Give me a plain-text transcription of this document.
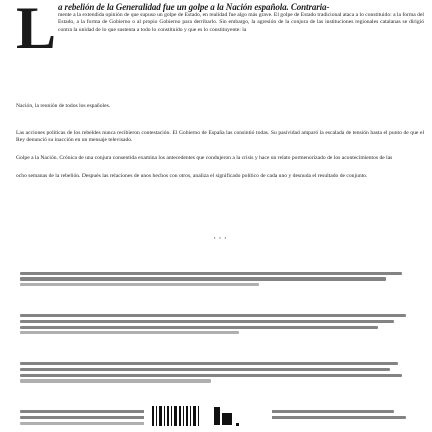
L a rebelión de la Generalidad fue un golpe a la Nación española. Contraria-
mente a la extendida opinión de que supuso un golpe de Estado, en realidad fue algo más grave. El golpe de Estado tradicional ataca a lo constituido: a la forma del Estado, a la forma de Gobierno o al propio Gobierno para derribarlo. Sin embargo, la agresión de la conjura de las instituciones regionales catalanas se dirigió contra la unidad de lo que sustenta a todo lo constituido y que es lo constituyente: la
Nación, la reunión de todos los españoles.
Las acciones políticas de los rebeldes nunca recibieron contestación. El Gobierno de España las consintió todas. Su pasividad amparó la escalada de tensión hasta el punto de que el Rey denunció su inacción en un mensaje televisado.
Golpe a la Nación. Crónica de una conjura consentida examina los antecedentes que condujeron a la crisis y hace un relato pormenorizado de los acontecimientos de las
ocho semanas de la rebelión. Después las relaciones de unos hechos con otros, analiza el significado político de cada uno y desnuda el resultado de conjunto.
· · ·
